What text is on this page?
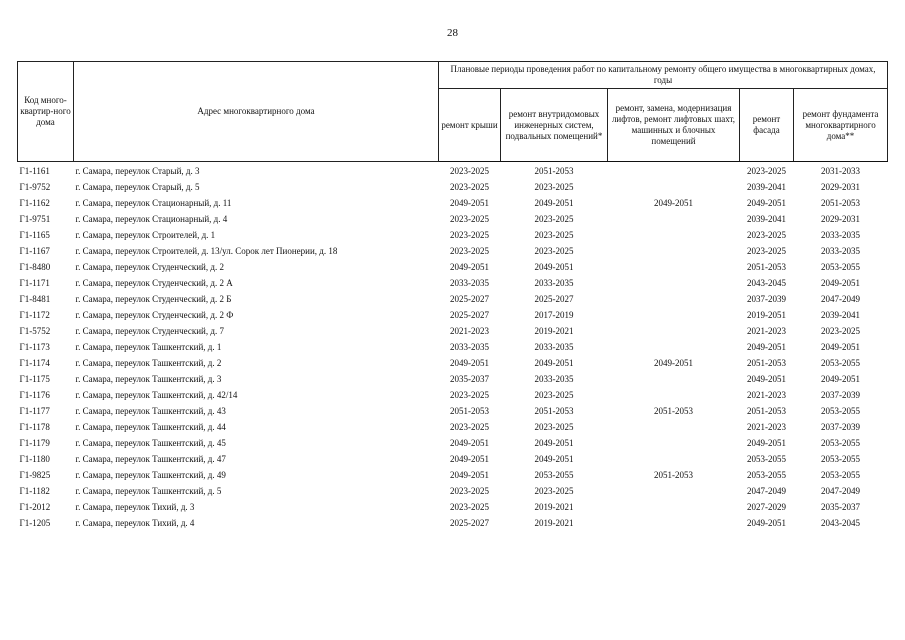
28
Код много-квартир-ного дома	Адрес многоквартирного дома	Плановые периоды проведения работ по капитальному ремонту общего имущества в многоквартирных домах, годы				
		ремонт крыши	ремонт внутридомовых инженерных систем, подвальных помещений*	ремонт, замена, модернизация лифтов, ремонт лифтовых шахт, машинных и блочных помещений	ремонт фасада	ремонт фундамента многоквартирного дома**
Г1-1161	г. Самара, переулок Старый, д. 3	2023-2025	2051-2053		2023-2025	2031-2033
Г1-9752	г. Самара, переулок Старый, д. 5	2023-2025	2023-2025		2039-2041	2029-2031
Г1-1162	г. Самара, переулок Стационарный, д. 11	2049-2051	2049-2051	2049-2051	2049-2051	2051-2053
Г1-9751	г. Самара, переулок Стационарный, д. 4	2023-2025	2023-2025		2039-2041	2029-2031
Г1-1165	г. Самара, переулок Строителей, д. 1	2023-2025	2023-2025		2023-2025	2033-2035
Г1-1167	г. Самара, переулок Строителей, д. 13/ул. Сорок лет Пионерии, д. 18	2023-2025	2023-2025		2023-2025	2033-2035
Г1-8480	г. Самара, переулок Студенческий, д. 2	2049-2051	2049-2051		2051-2053	2053-2055
Г1-1171	г. Самара, переулок Студенческий, д. 2 А	2033-2035	2033-2035		2043-2045	2049-2051
Г1-8481	г. Самара, переулок Студенческий, д. 2 Б	2025-2027	2025-2027		2037-2039	2047-2049
Г1-1172	г. Самара, переулок Студенческий, д. 2 Ф	2025-2027	2017-2019		2019-2051	2039-2041
Г1-5752	г. Самара, переулок Студенческий, д. 7	2021-2023	2019-2021		2021-2023	2023-2025
Г1-1173	г. Самара, переулок Ташкентский, д. 1	2033-2035	2033-2035		2049-2051	2049-2051
Г1-1174	г. Самара, переулок Ташкентский, д. 2	2049-2051	2049-2051	2049-2051	2051-2053	2053-2055
Г1-1175	г. Самара, переулок Ташкентский, д. 3	2035-2037	2033-2035		2049-2051	2049-2051
Г1-1176	г. Самара, переулок Ташкентский, д. 42/14	2023-2025	2023-2025		2021-2023	2037-2039
Г1-1177	г. Самара, переулок Ташкентский, д. 43	2051-2053	2051-2053	2051-2053	2051-2053	2053-2055
Г1-1178	г. Самара, переулок Ташкентский, д. 44	2023-2025	2023-2025		2021-2023	2037-2039
Г1-1179	г. Самара, переулок Ташкентский, д. 45	2049-2051	2049-2051		2049-2051	2053-2055
Г1-1180	г. Самара, переулок Ташкентский, д. 47	2049-2051	2049-2051		2053-2055	2053-2055
Г1-9825	г. Самара, переулок Ташкентский, д. 49	2049-2051	2053-2055	2051-2053	2053-2055	2053-2055
Г1-1182	г. Самара, переулок Ташкентский, д. 5	2023-2025	2023-2025		2047-2049	2047-2049
Г1-2012	г. Самара, переулок Тихий, д. 3	2023-2025	2019-2021		2027-2029	2035-2037
Г1-1205	г. Самара, переулок Тихий, д. 4	2025-2027	2019-2021		2049-2051	2043-2045
